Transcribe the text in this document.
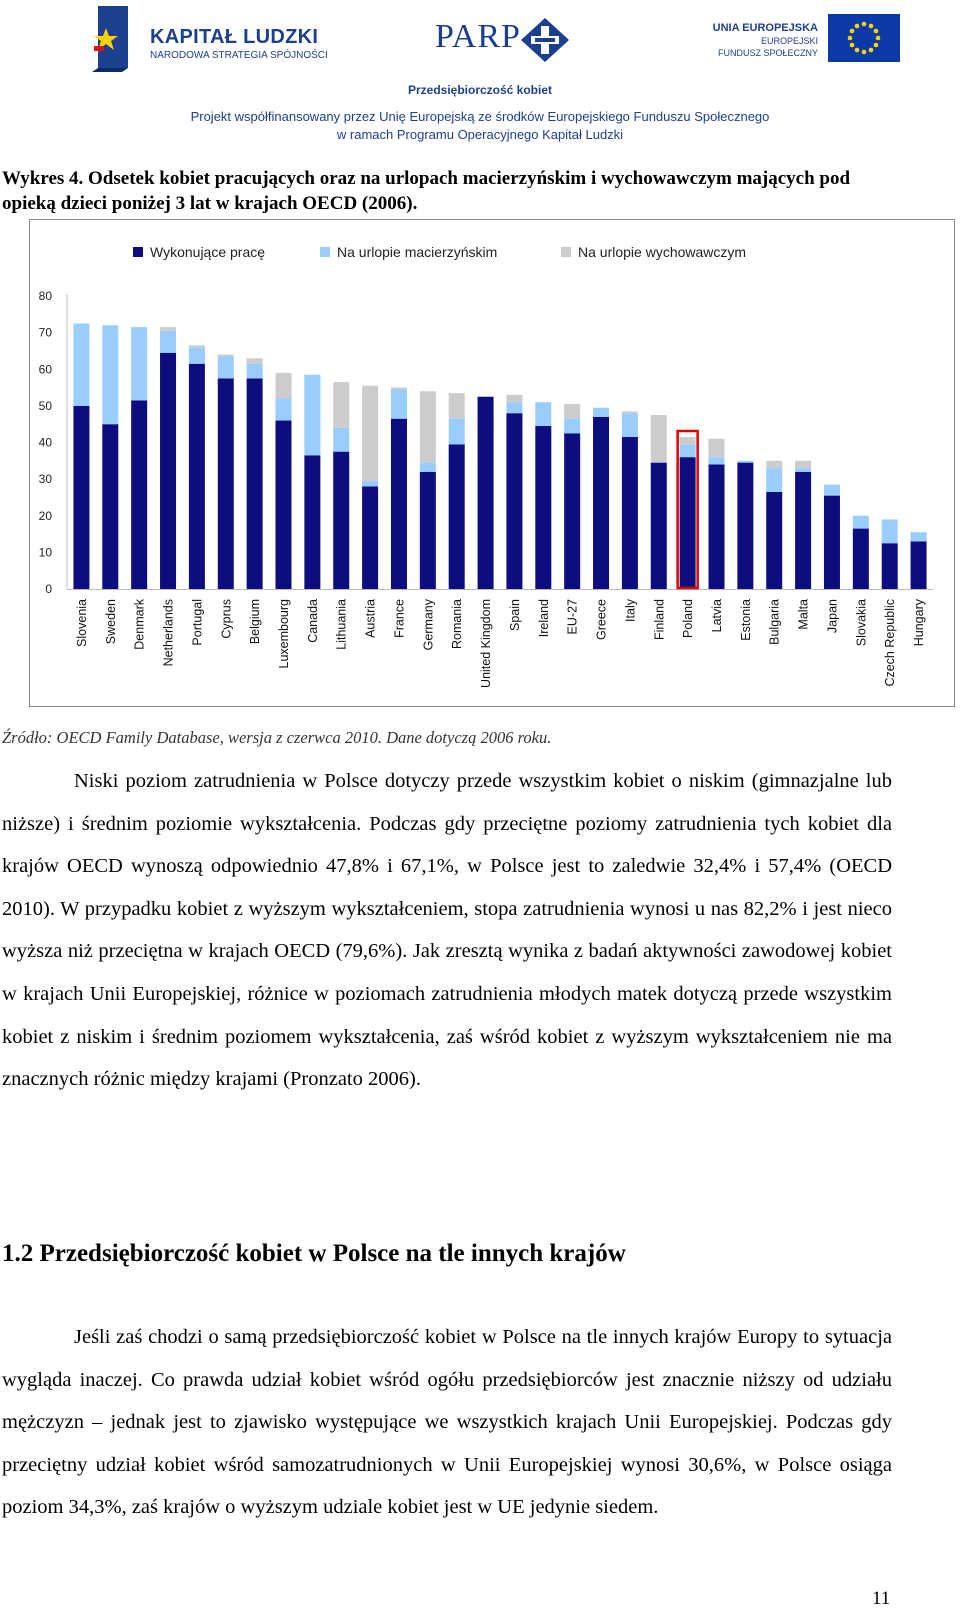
KAPITAŁ LUDZKI
NARODOWA STRATEGIA SPÓJNOŚCI
PARP	UNIA EUROPEJSKA
EUROPEJSKI
FUNDUSZ SPOŁECZNY
Przedsiębiorczość kobiet
Projekt współfinansowany przez Unię Europejską ze środków Europejskiego Funduszu Społecznego
w ramach Programu Operacyjnego Kapitał Ludzki
Wykres 4. Odsetek kobiet pracujących oraz na urlopach macierzyńskim i wychowawczym mających pod opieką dzieci poniżej 3 lat w krajach OECD (2006).
Wykonujące pracę	Na urlopie macierzyńskim	Na urlopie wychowawczym
0
10
20
30
40
50
60
70
80
Slovenia Sweden Denmark Netherlands Portugal Cyprus Belgium Luxembourg Canada Lithuania Austria France Germany Romania United Kingdom Spain Ireland EU-27 Greece Italy Finland Poland Latvia Estonia Bulgaria Malta Japan Slovakia Czech Republic Hungary
Źródło: OECD Family Database, wersja z czerwca 2010. Dane dotyczą 2006 roku.
Niski poziom zatrudnienia w Polsce dotyczy przede wszystkim kobiet o niskim (gimnazjalne lub niższe) i średnim poziomie wykształcenia. Podczas gdy przeciętne poziomy zatrudnienia tych kobiet dla krajów OECD wynoszą odpowiednio 47,8% i 67,1%, w Polsce jest to zaledwie 32,4% i 57,4% (OECD 2010). W przypadku kobiet z wyższym wykształceniem, stopa zatrudnienia wynosi u nas 82,2% i jest nieco wyższa niż przeciętna w krajach OECD (79,6%). Jak zresztą wynika z badań aktywności zawodowej kobiet w krajach Unii Europejskiej, różnice w poziomach zatrudnienia młodych matek dotyczą przede wszystkim kobiet z niskim i średnim poziomem wykształcenia, zaś wśród kobiet z wyższym wykształceniem nie ma znacznych różnic między krajami (Pronzato 2006).
1.2 Przedsiębiorczość kobiet w Polsce na tle innych krajów
Jeśli zaś chodzi o samą przedsiębiorczość kobiet w Polsce na tle innych krajów Europy to sytuacja wygląda inaczej. Co prawda udział kobiet wśród ogółu przedsiębiorców jest znacznie niższy od udziału mężczyzn – jednak jest to zjawisko występujące we wszystkich krajach Unii Europejskiej. Podczas gdy przeciętny udział kobiet wśród samozatrudnionych w Unii Europejskiej wynosi 30,6%, w Polsce osiąga poziom 34,3%, zaś krajów o wyższym udziale kobiet jest w UE jedynie siedem.
11
